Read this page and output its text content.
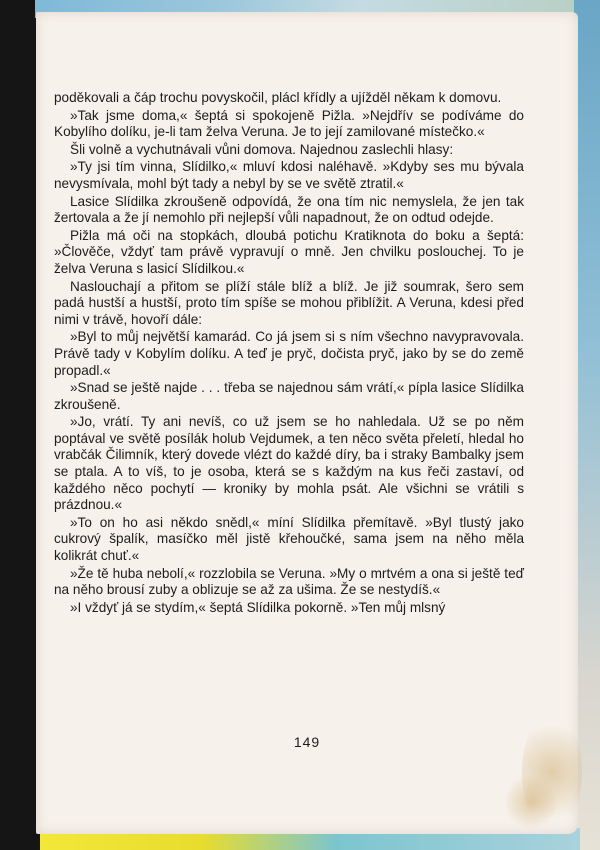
poděkovali a čáp trochu povyskočil, plácl křídly a ujížděl někam k domovu.

»Tak jsme doma,« šeptá si spokojeně Pižla. »Nejdřív se podíváme do Kobylího dolíku, je-li tam želva Veruna. Je to její zamilované místečko.«

Šli volně a vychutnávali vůni domova. Najednou zaslechli hlasy:

»Ty jsi tím vinna, Slídilko,« mluví kdosi naléhavě. »Kdyby ses mu bývala nevysmívala, mohl být tady a nebyl by se ve světě ztratil.«

Lasice Slídilka zkroušeně odpovídá, že ona tím nic nemyslela, že jen tak žertovala a že jí nemohlo při nejlepší vůli napadnout, že on odtud odejde.

Pižla má oči na stopkách, dloubá potichu Kratiknota do boku a šeptá: »Člověče, vždyť tam právě vypravují o mně. Jen chvilku poslouchej. To je želva Veruna s lasicí Slídilkou.«

Naslouchají a přitom se plíží stále blíž a blíž. Je již soumrak, šero sem padá hustší a hustší, proto tím spíše se mohou přiblížit. A Veruna, kdesi před nimi v trávě, hovoří dále:

»Byl to můj největší kamarád. Co já jsem si s ním všechno navypravovala. Právě tady v Kobylím dolíku. A teď je pryč, dočista pryč, jako by se do země propadl.«

»Snad se ještě najde . . . třeba se najednou sám vrátí,« pípla lasice Slídilka zkroušeně.

»Jo, vrátí. Ty ani nevíš, co už jsem se ho nahledala. Už se po něm poptával ve světě posílák holub Vejdumek, a ten něco světa přeletí, hledal ho vrabčák Čilimník, který dovede vlézt do každé díry, ba i straky Bambalky jsem se ptala. A to víš, to je osoba, která se s každým na kus řeči zastaví, od každého něco pochytí — kroniky by mohla psát. Ale všichni se vrátili s prázdnou.«

»To on ho asi někdo snědl,« míní Slídilka přemítavě. »Byl tlustý jako cukrový špalík, masíčko měl jistě křehoučké, sama jsem na něho měla kolikrát chuť.«

»Že tě huba nebolí,« rozzlobila se Veruna. »My o mrtvém a ona si ještě teď na něho brousí zuby a oblizuje se až za ušima. Že se nestydíš.«

»I vždyť já se stydím,« šeptá Slídilka pokorně. »Ten můj mlsný

149
